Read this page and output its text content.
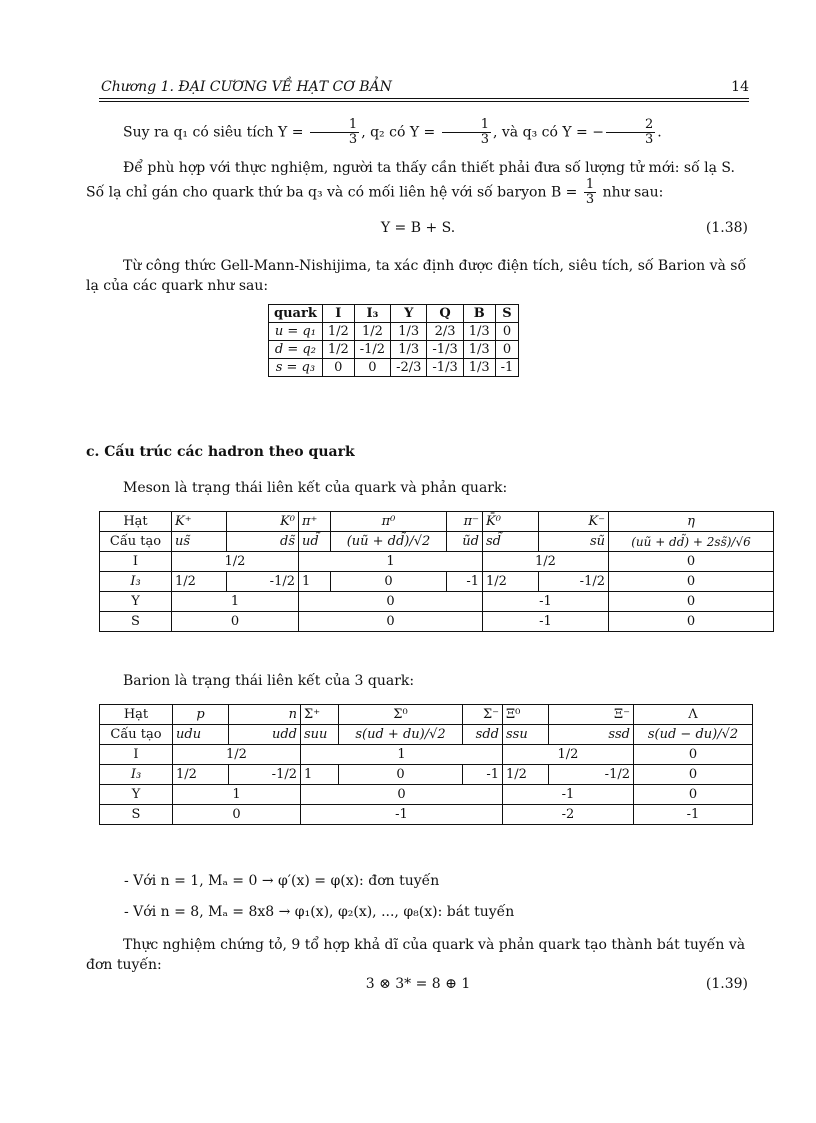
Chương 1. ĐẠI CƯƠNG VỀ HẠT CƠ BẢN	14
Suy ra q₁ có siêu tích $Y = \frac{1}{3}$ , q₂ có $Y = \frac{1}{3}$ , và q₃ có Y = − $\frac{2}{3}$ .
Để phù hợp với thực nghiệm, người ta thấy cần thiết phải đưa số lượng tử mới: số lạ S.
Số lạ chỉ gán cho quark thứ ba q₃ và có mối liên hệ với số baryon $B = \frac{1}{3}$ như sau:
Y = B + S.	(1.38)
Từ công thức Gell-Mann-Nishijima, ta xác định được điện tích, siêu tích, số Barion và số lạ của các quark như sau:
quark	I	I₃	Y	Q	B	S
u = q₁	1/2	1/2	1/3	2/3	1/3	0
d = q₂	1/2	-1/2	1/3	-1/3	1/3	0
s = q₃	0	0	-2/3	-1/3	1/3	-1
c. Cấu trúc các hadron theo quark
Meson là trạng thái liên kết của quark và phản quark:
Hạt	K⁺	K⁰	π⁺	π⁰	π⁻	K̄⁰	K⁻	η
Cấu tạo	us̃	ds̃	ud̃	(uũ + dd̃)/√2	ũd	sd̃	sũ	(uũ + dd̃) + 2ss̃)/√6
I	1/2		1			1/2		0
I₃	1/2	-1/2	1	0	-1	1/2	-1/2	0
Y	1		0			-1		0
S	0		0			-1		0
Barion là trạng thái liên kết của 3 quark:
Hạt	p	n	Σ⁺	Σ⁰	Σ⁻	Ξ⁰	Ξ⁻	Λ
Cấu tạo	udu	udd	suu	s(ud + du)/√2	sdd	ssu	ssd	s(ud − du)/√2
I	1/2		1			1/2		0
I₃	1/2	-1/2	1	0	-1	1/2	-1/2	0
Y	1		0			-1		0
S	0		-1			-2		-1
- Với n = 1, Mₐ = 0 → φ′(x) = φ(x): đơn tuyến
- Với n = 8, Mₐ = 8x8 → φ₁(x), φ₂(x), ..., φ₈(x): bát tuyến
Thực nghiệm chứng tỏ, 9 tổ hợp khả dĩ của quark và phản quark tạo thành bát tuyến và đơn tuyến:
3 ⊗ 3* = 8 ⊕ 1	(1.39)
